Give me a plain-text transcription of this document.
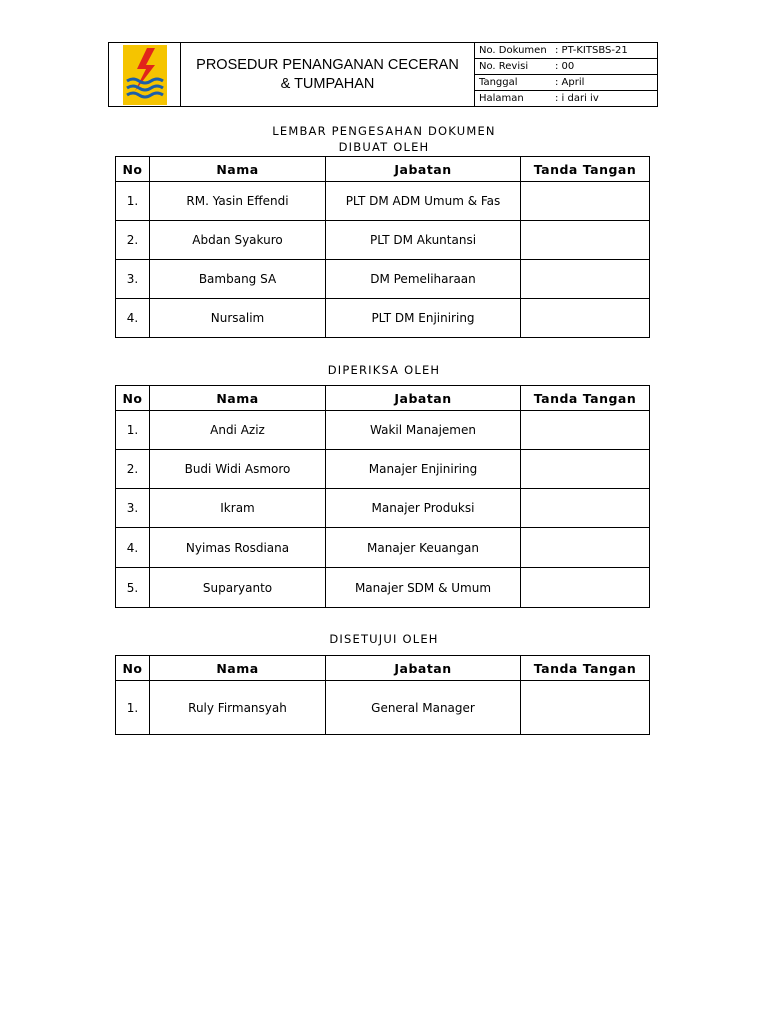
PROSEDUR PENANGANAN CECERAN
& TUMPAHAN
No. Dokumen : PT-KITSBS-21
No. Revisi	: 00
Tanggal	: April
Halaman	: i dari iv
LEMBAR PENGESAHAN DOKUMEN
DIBUAT OLEH
No	Nama	Jabatan	Tanda Tangan
1.	RM. Yasin Effendi	PLT DM ADM Umum & Fas	
2.	Abdan Syakuro	PLT DM Akuntansi	
3.	Bambang SA	DM Pemeliharaan	
4.	Nursalim	PLT DM Enjiniring	
DIPERIKSA OLEH
No	Nama	Jabatan	Tanda Tangan
1.	Andi Aziz	Wakil Manajemen	
2.	Budi Widi Asmoro	Manajer Enjiniring	
3.	Ikram	Manajer Produksi	
4.	Nyimas Rosdiana	Manajer Keuangan	
5.	Suparyanto	Manajer SDM & Umum	
DISETUJUI OLEH
No	Nama	Jabatan	Tanda Tangan
1.	Ruly Firmansyah	General Manager	
